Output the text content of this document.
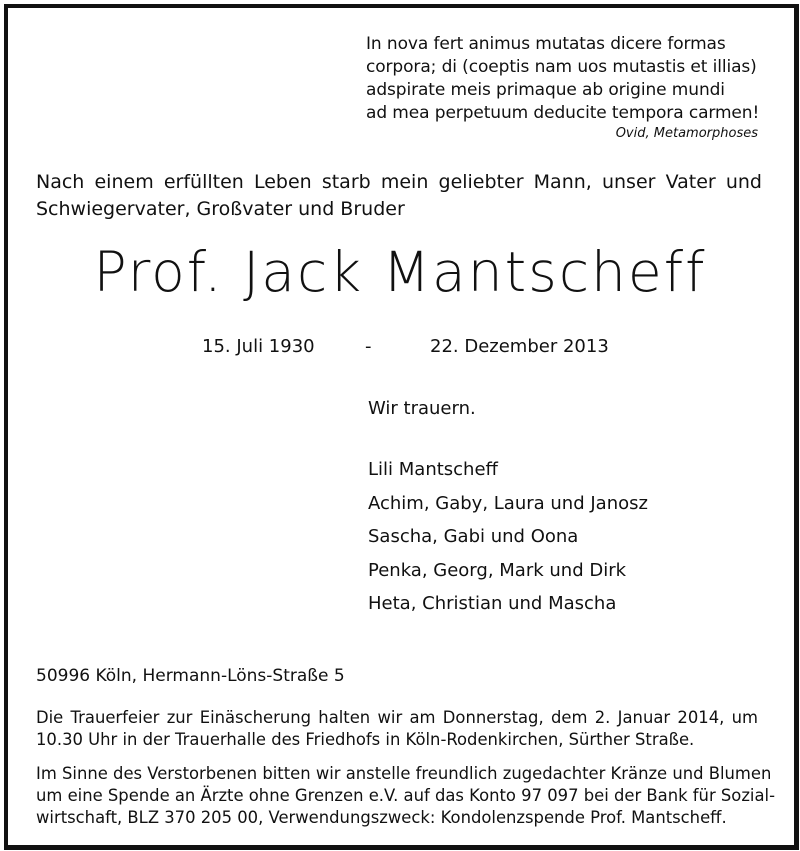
In nova fert animus mutatas dicere formas
corpora; di (coeptis nam uos mutastis et illias)
adspirate meis primaque ab origine mundi
ad mea perpetuum deducite tempora carmen!
Ovid, Metamorphoses
Nach einem erfüllten Leben starb mein geliebter Mann, unser Vater und
Schwiegervater, Großvater und Bruder
Prof. Jack Mantscheff
15. Juli 1930	-	22. Dezember 2013
Wir trauern.
Lili Mantscheff
Achim, Gaby, Laura und Janosz
Sascha, Gabi und Oona
Penka, Georg, Mark und Dirk
Heta, Christian und Mascha
50996 Köln, Hermann-Löns-Straße 5
Die Trauerfeier zur Einäscherung halten wir am Donnerstag, dem 2. Januar 2014, um
10.30 Uhr in der Trauerhalle des Friedhofs in Köln-Rodenkirchen, Sürther Straße.
Im Sinne des Verstorbenen bitten wir anstelle freundlich zugedachter Kränze und Blumen
um eine Spende an Ärzte ohne Grenzen e.V. auf das Konto 97 097 bei der Bank für Sozial-
wirtschaft, BLZ 370 205 00, Verwendungszweck: Kondolenzspende Prof. Mantscheff.
